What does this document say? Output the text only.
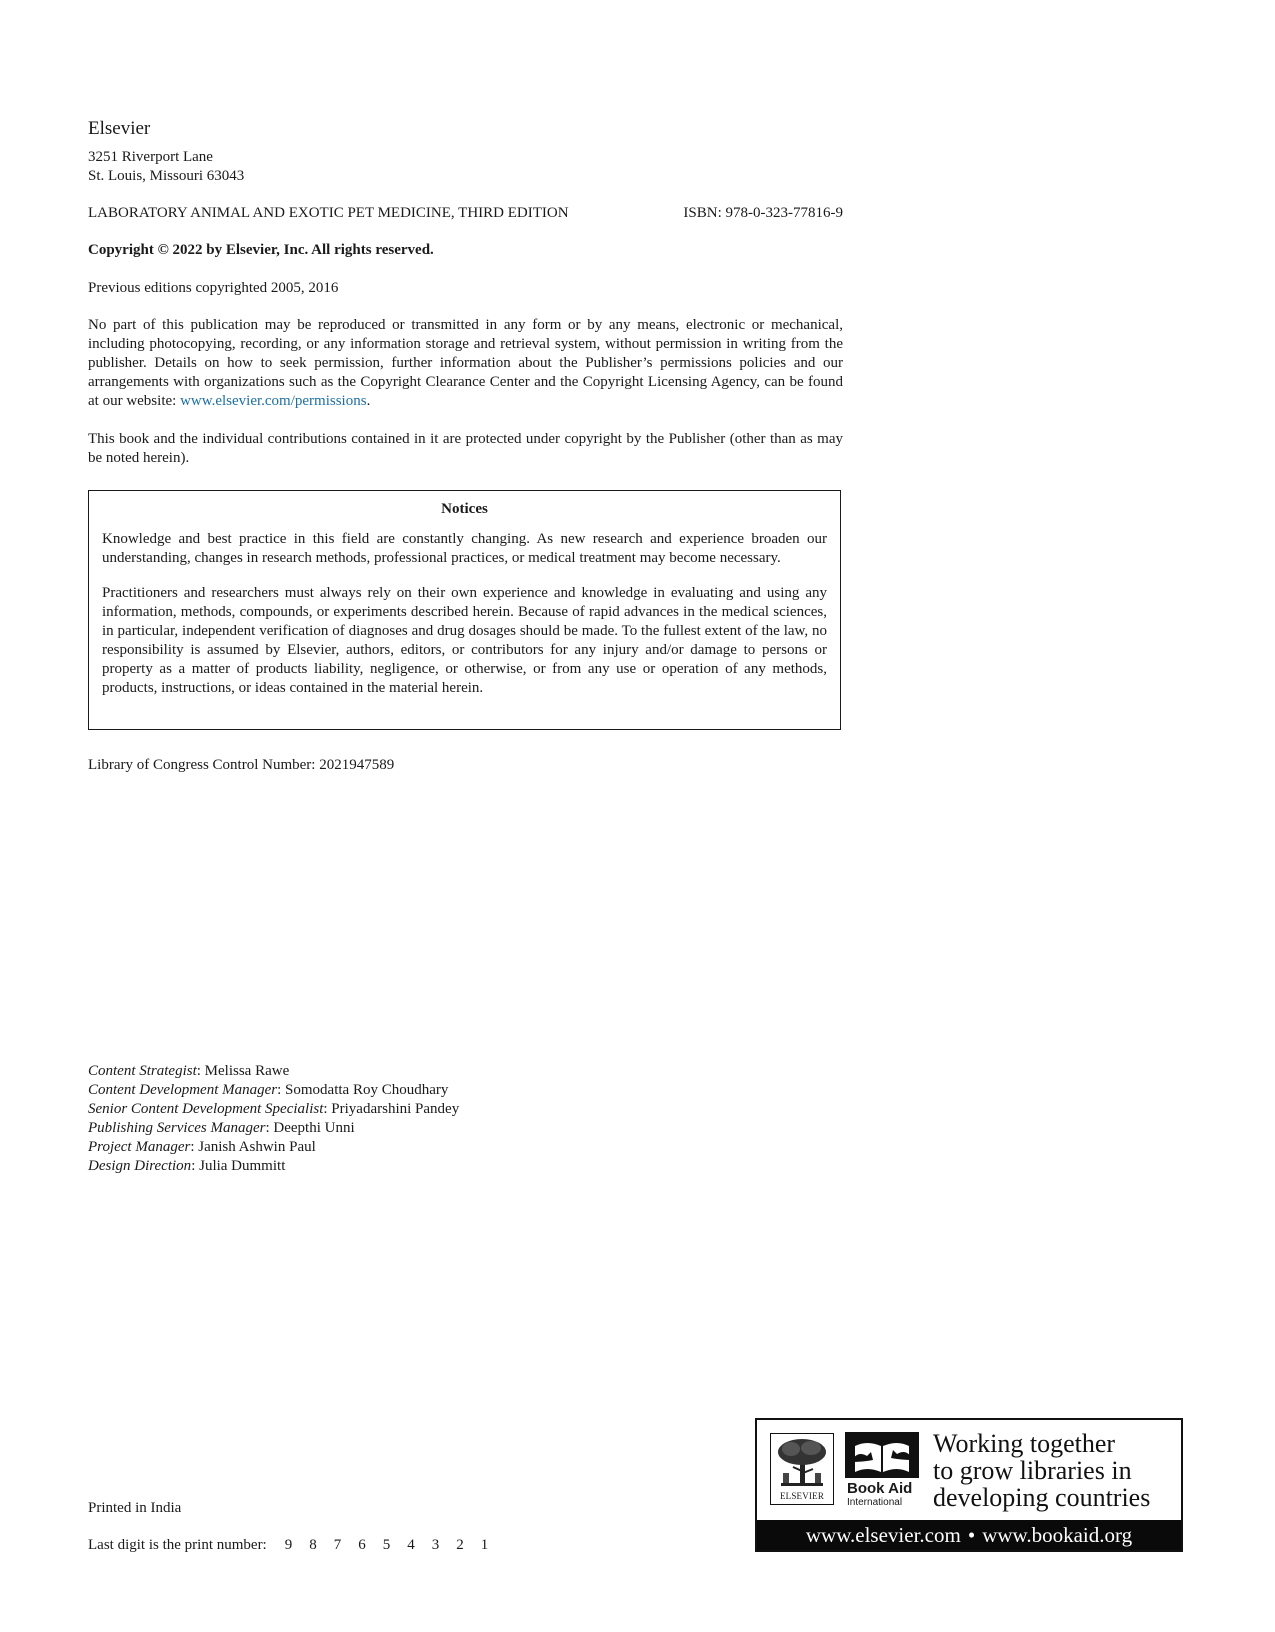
Elsevier
3251 Riverport Lane
St. Louis, Missouri 63043
LABORATORY ANIMAL AND EXOTIC PET MEDICINE, THIRD EDITION	ISBN: 978-0-323-77816-9
Copyright © 2022 by Elsevier, Inc. All rights reserved.
Previous editions copyrighted 2005, 2016
No part of this publication may be reproduced or transmitted in any form or by any means, electronic or mechanical, including photocopying, recording, or any information storage and retrieval system, without permission in writing from the publisher. Details on how to seek permission, further information about the Publisher’s permissions policies and our arrangements with organizations such as the Copyright Clearance Center and the Copyright Licensing Agency, can be found at our website: www.elsevier.com/permissions.
This book and the individual contributions contained in it are protected under copyright by the Publisher (other than as may be noted herein).
Notices

Knowledge and best practice in this field are constantly changing. As new research and experience broaden our understanding, changes in research methods, professional practices, or medical treatment may become necessary.

Practitioners and researchers must always rely on their own experience and knowledge in evaluating and using any information, methods, compounds, or experiments described herein. Because of rapid advances in the medical sciences, in particular, independent verification of diagnoses and drug dosages should be made. To the fullest extent of the law, no responsibility is assumed by Elsevier, authors, editors, or contributors for any injury and/or damage to persons or property as a matter of products liability, negligence, or otherwise, or from any use or operation of any methods, products, instructions, or ideas contained in the material herein.

Library of Congress Control Number: 2021947589
Content Strategist: Melissa Rawe
Content Development Manager: Somodatta Roy Choudhary
Senior Content Development Specialist: Priyadarshini Pandey
Publishing Services Manager: Deepthi Unni
Project Manager: Janish Ashwin Paul
Design Direction: Julia Dummitt
Printed in India
Last digit is the print number: 9	8	7	6	5	4	3	2	1
ELSEVIER	Book Aid
International
Working together
to grow libraries in
developing countries
www.elsevier.com • www.bookaid.org
